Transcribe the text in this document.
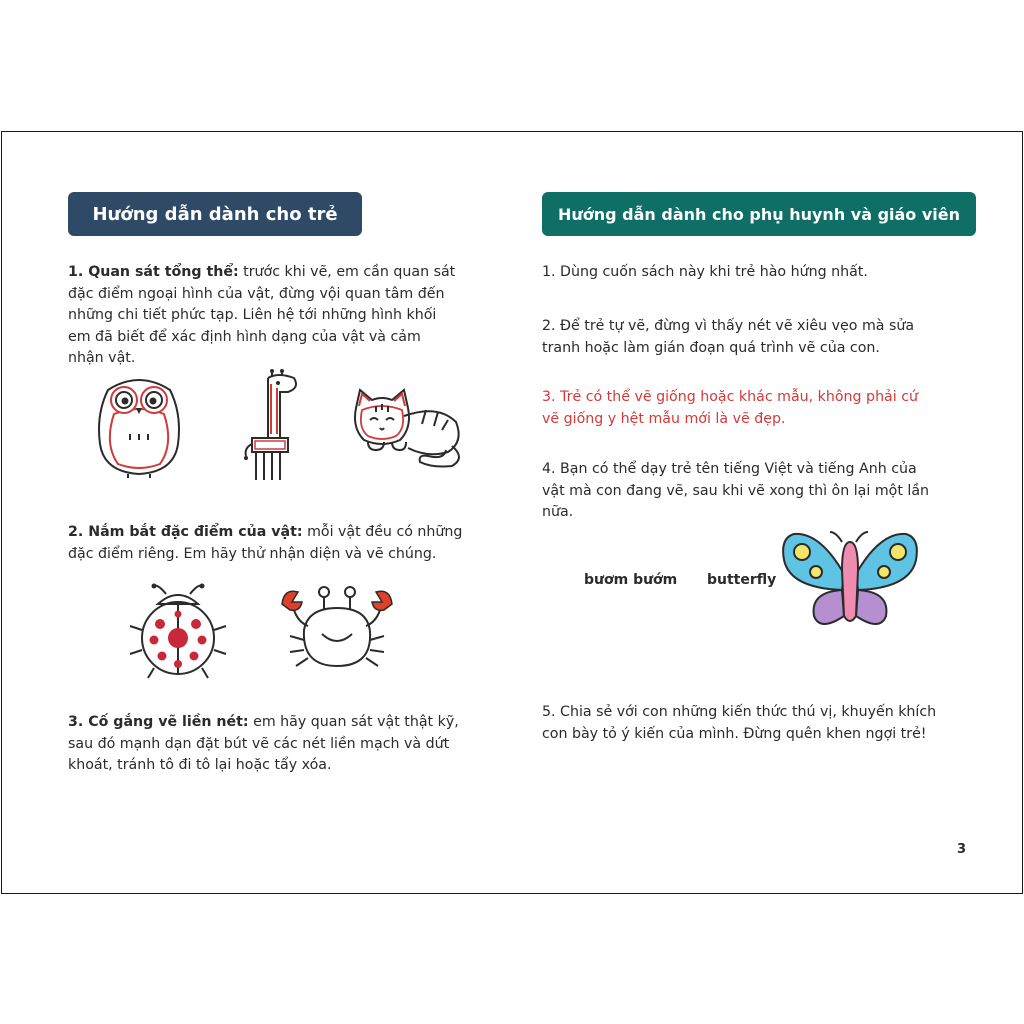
Hướng dẫn dành cho trẻ
1. Quan sát tổng thể: trước khi vẽ, em cần quan sát
đặc điểm ngoại hình của vật, đừng vội quan tâm đến
những chi tiết phức tạp. Liên hệ tới những hình khối
em đã biết để xác định hình dạng của vật và cảm
nhận vật.
2. Nắm bắt đặc điểm của vật: mỗi vật đều có những
đặc điểm riêng. Em hãy thử nhận diện và vẽ chúng.
3. Cố gắng vẽ liền nét: em hãy quan sát vật thật kỹ,
sau đó mạnh dạn đặt bút vẽ các nét liền mạch và dứt
khoát, tránh tô đi tô lại hoặc tẩy xóa.
Hướng dẫn dành cho phụ huynh và giáo viên
1. Dùng cuốn sách này khi trẻ hào hứng nhất.
2. Để trẻ tự vẽ, đừng vì thấy nét vẽ xiêu vẹo mà sửa
tranh hoặc làm gián đoạn quá trình vẽ của con.
3. Trẻ có thể vẽ giống hoặc khác mẫu, không phải cứ
vẽ giống y hệt mẫu mới là vẽ đẹp.
4. Bạn có thể dạy trẻ tên tiếng Việt và tiếng Anh của
vật mà con đang vẽ, sau khi vẽ xong thì ôn lại một lần
nữa.
bươm bướm butterfly
5. Chia sẻ với con những kiến thức thú vị, khuyến khích
con bày tỏ ý kiến của mình. Đừng quên khen ngợi trẻ!
3
